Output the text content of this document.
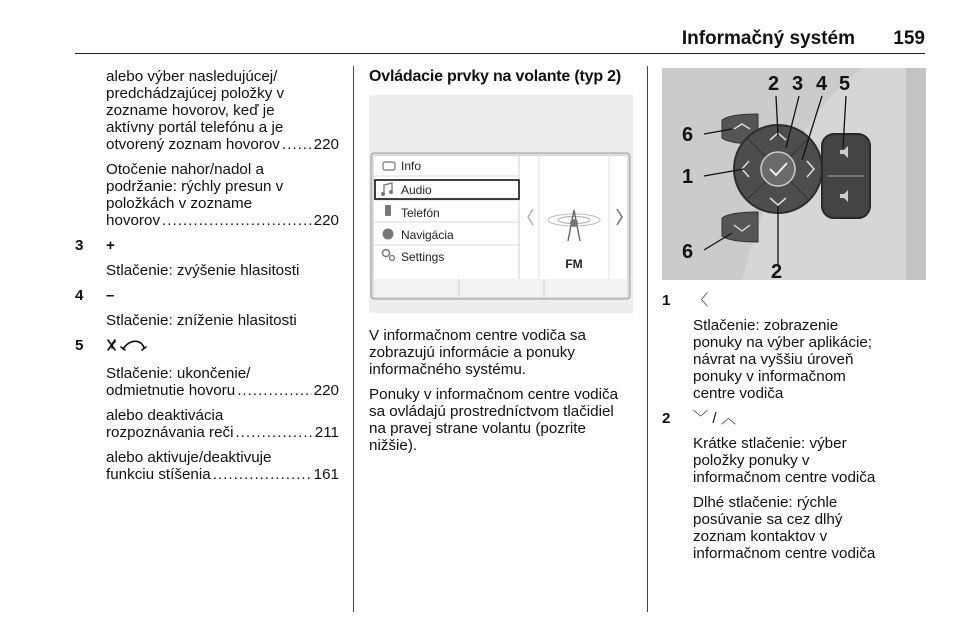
Informačný systém 159

alebo výber nasledujúcej/
predchádzajúcej položky v
zozname hovorov, keď je
aktívny portál telefónu a je

otvorený zoznam hovorov ..... 220

Otočenie nahor/nadol a
podržanie: rýchly presun v
položkách v zozname

hovorov .....	220

3	+

Stlačenie: zvýšenie hlasitosti

4	–

Stlačenie: zníženie hlasitosti

5

Stlačenie: ukončenie/

odmietnutie hovoru .....	220

alebo deaktivácia

rozpoznávania reči .....	211

alebo aktivuje/deaktivuje

funkciu stíšenia .....	161

Ovládacie prvky na volante (typ 2)
Info
Audio
Telefón
Navigácia
Settings	FM

V informačnom centre vodiča sa
zobrazujú informácie a ponuky
informačného systému.

Ponuky v informačnom centre vodiča
sa ovládajú prostredníctvom tlačidiel
na pravej strane volantu (pozrite
nižšie).

6
1
6
2 3 4 5
2
1	〈

Stlačenie: zobrazenie
ponuky na výber aplikácie;
návrat na vyššiu úroveň
ponuky v informačnom
centre vodiča

2	﹀ / ︿

Krátke stlačenie: výber
položky ponuky v
informačnom centre vodiča

Dlhé stlačenie: rýchle
posúvanie sa cez dlhý
zoznam kontaktov v
informačnom centre vodiča
